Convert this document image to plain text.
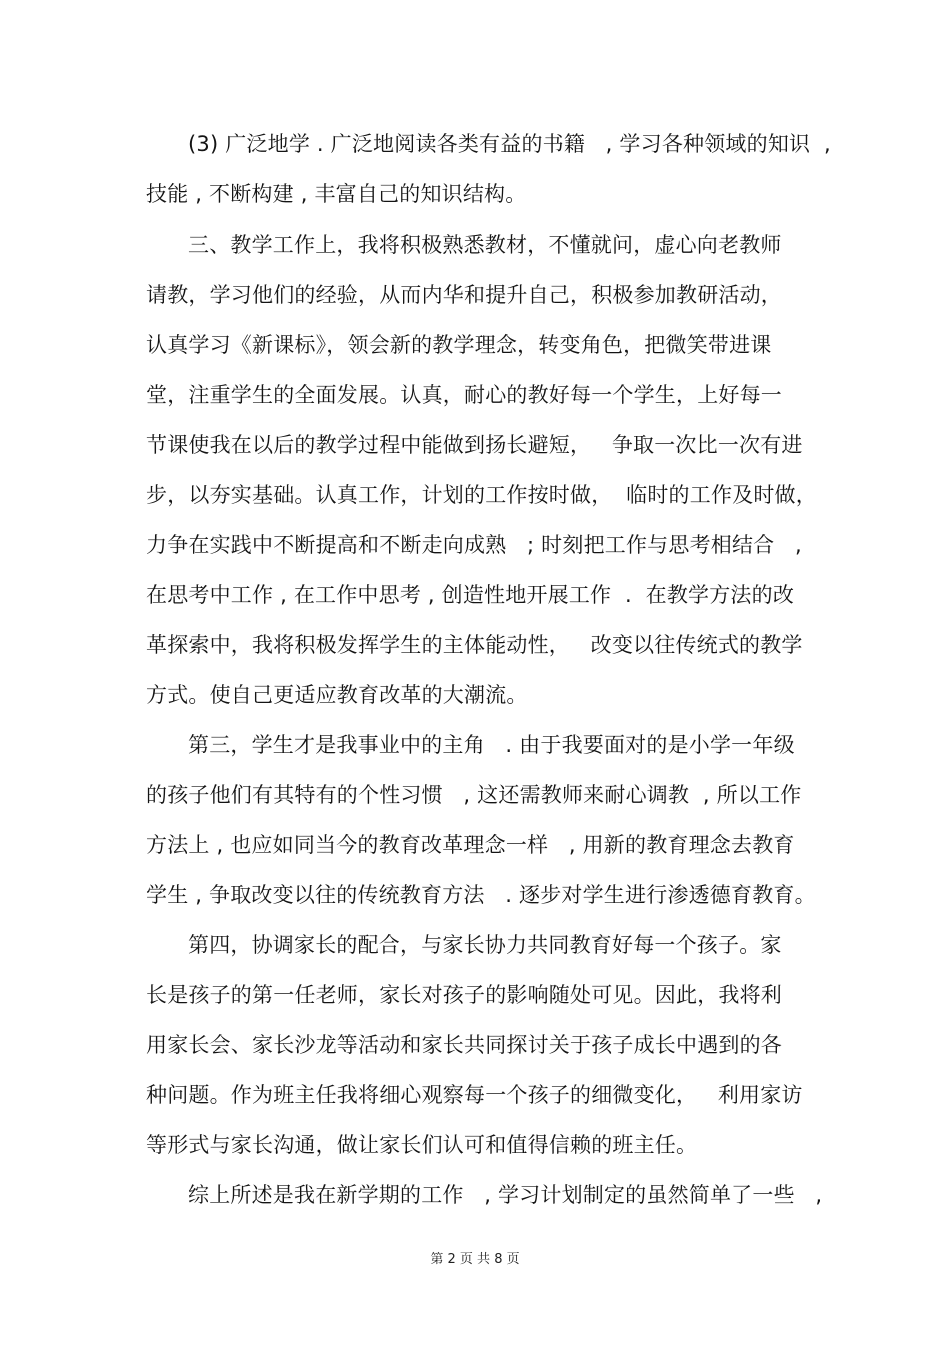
(3) 广泛地学 . 广泛地阅读各类有益的书籍   , 学习各种领域的知识  ,
技能 , 不断构建 , 丰富自己的知识结构。
三、教学工作上，我将积极熟悉教材，不懂就问，虚心向老教师
请教，学习他们的经验，从而内华和提升自己，积极参加教研活动，
认真学习《新课标》，领会新的教学理念，转变角色，把微笑带进课
堂，注重学生的全面发展。认真，耐心的教好每一个学生，上好每一
节课使我在以后的教学过程中能做到扬长避短，   争取一次比一次有进
步，以夯实基础。认真工作，计划的工作按时做，  临时的工作及时做，
力争在实践中不断提高和不断走向成熟   ; 时刻把工作与思考相结合   ,
在思考中工作 , 在工作中思考 , 创造性地开展工作  .  在教学方法的改
革探索中，我将积极发挥学生的主体能动性，   改变以往传统式的教学
方式。使自己更适应教育改革的大潮流。
第三，学生才是我事业中的主角   . 由于我要面对的是小学一年级
的孩子他们有其特有的个性习惯   , 这还需教师来耐心调教  , 所以工作
方法上 , 也应如同当今的教育改革理念一样   , 用新的教育理念去教育
学生 , 争取改变以往的传统教育方法   . 逐步对学生进行渗透德育教育。
第四，协调家长的配合，与家长协力共同教育好每一个孩子。家
长是孩子的第一任老师，家长对孩子的影响随处可见。因此，我将利
用家长会、家长沙龙等活动和家长共同探讨关于孩子成长中遇到的各
种问题。作为班主任我将细心观察每一个孩子的细微变化，   利用家访
等形式与家长沟通，做让家长们认可和值得信赖的班主任。
综上所述是我在新学期的工作   , 学习计划制定的虽然简单了一些   ,
第 2 页 共 8 页
